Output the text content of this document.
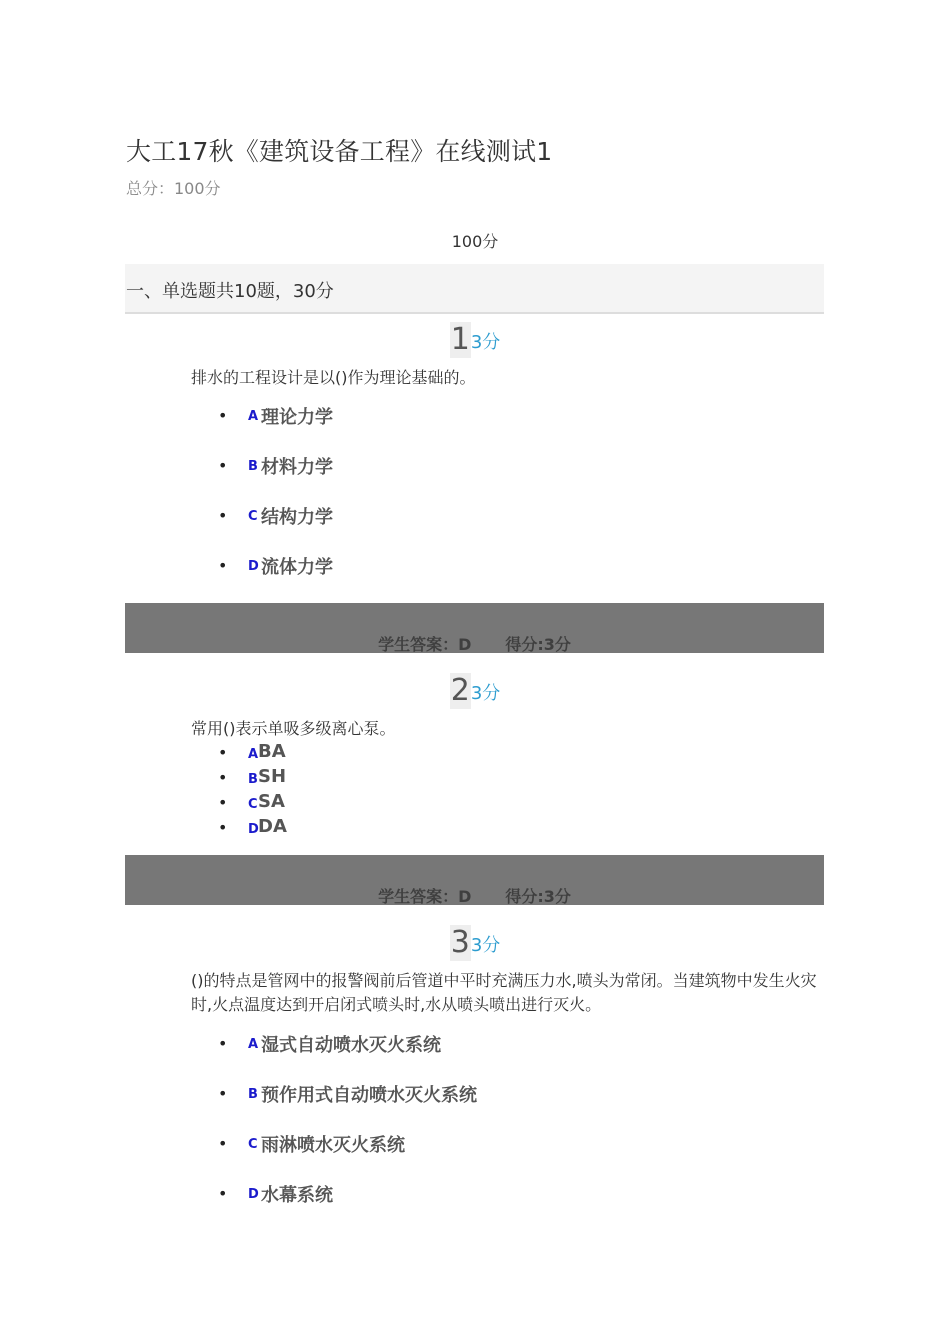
大工17秋《建筑设备工程》在线测试1
总分：100分
100分
一、单选题共10题，30分
13分
排水的工程设计是以()作为理论基础的。
• A 理论力学
• B 材料力学
• C 结构力学
• D 流体力学
学生答案：D 得分:3分
23分
常用()表示单吸多级离心泵。
• A BA
• B SH
• C SA
• D DA
学生答案：D 得分:3分
33分
()的特点是管网中的报警阀前后管道中平时充满压力水,喷头为常闭。当建筑物中发生火灾时,火点温度达到开启闭式喷头时,水从喷头喷出进行灭火。
• A 湿式自动喷水灭火系统
• B 预作用式自动喷水灭火系统
• C 雨淋喷水灭火系统
• D 水幕系统
